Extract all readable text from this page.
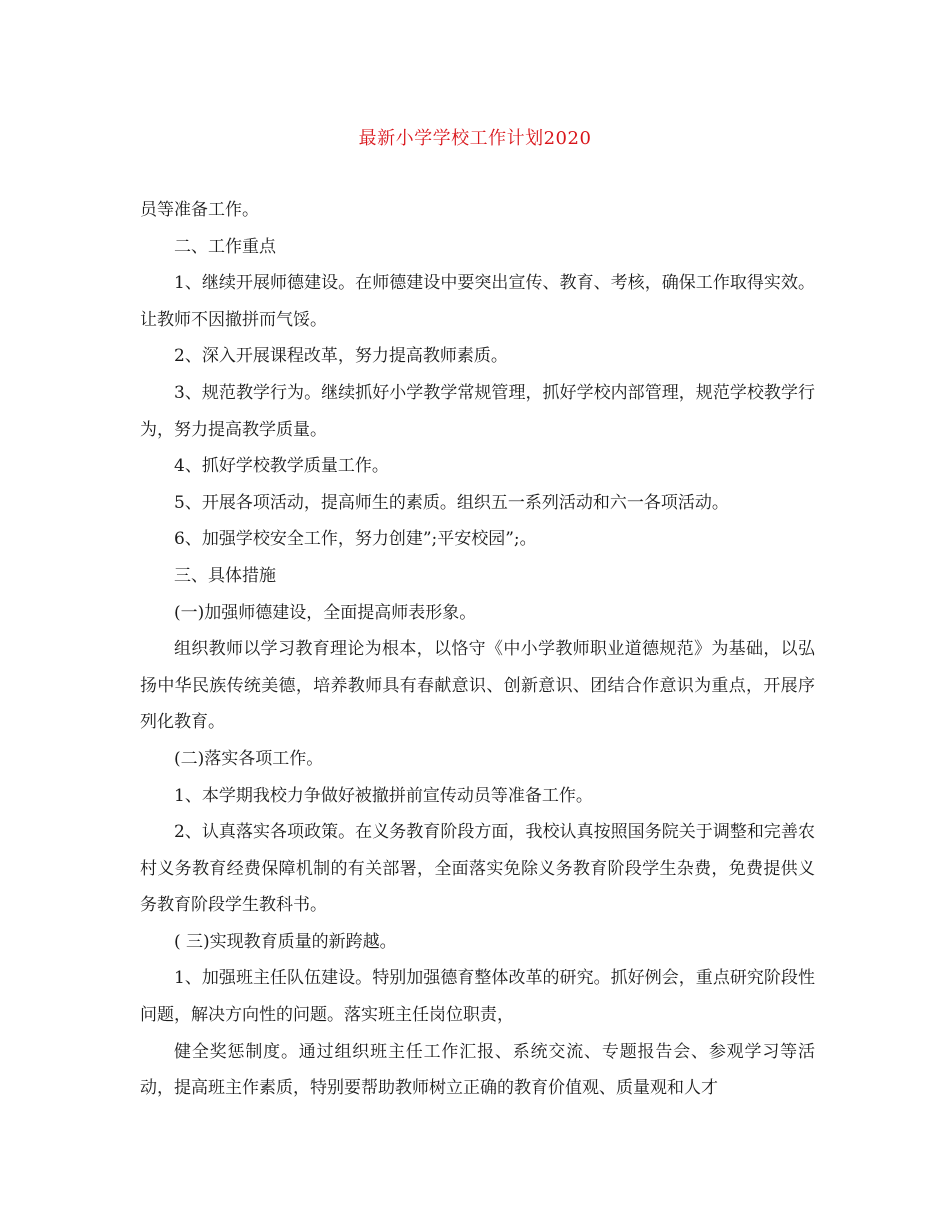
最新小学学校工作计划2020

员等准备工作。

二、工作重点

1、继续开展师德建设。在师德建设中要突出宣传、教育、考核，确保工作取得实效。让教师不因撤拼而气馁。

2、深入开展课程改革，努力提高教师素质。

3、规范教学行为。继续抓好小学教学常规管理，抓好学校内部管理，规范学校教学行为，努力提高教学质量。

4、抓好学校教学质量工作。

5、开展各项活动，提高师生的素质。组织五一系列活动和六一各项活动。

6、加强学校安全工作，努力创建”;平安校园”;。

三、具体措施

(一)加强师德建设，全面提高师表形象。

组织教师以学习教育理论为根本，以恪守《中小学教师职业道德规范》为基础，以弘扬中华民族传统美德，培养教师具有春献意识、创新意识、团结合作意识为重点，开展序列化教育。

(二)落实各项工作。

1、本学期我校力争做好被撤拼前宣传动员等准备工作。

2、认真落实各项政策。在义务教育阶段方面，我校认真按照国务院关于调整和完善农村义务教育经费保障机制的有关部署，全面落实免除义务教育阶段学生杂费，免费提供义务教育阶段学生教科书。

( 三)实现教育质量的新跨越。

1、加强班主任队伍建设。特别加强德育整体改革的研究。抓好例会，重点研究阶段性问题，解决方向性的问题。落实班主任岗位职责，

健全奖惩制度。通过组织班主任工作汇报、系统交流、专题报告会、参观学习等活动，提高班主作素质，特别要帮助教师树立正确的教育价值观、质量观和人才
